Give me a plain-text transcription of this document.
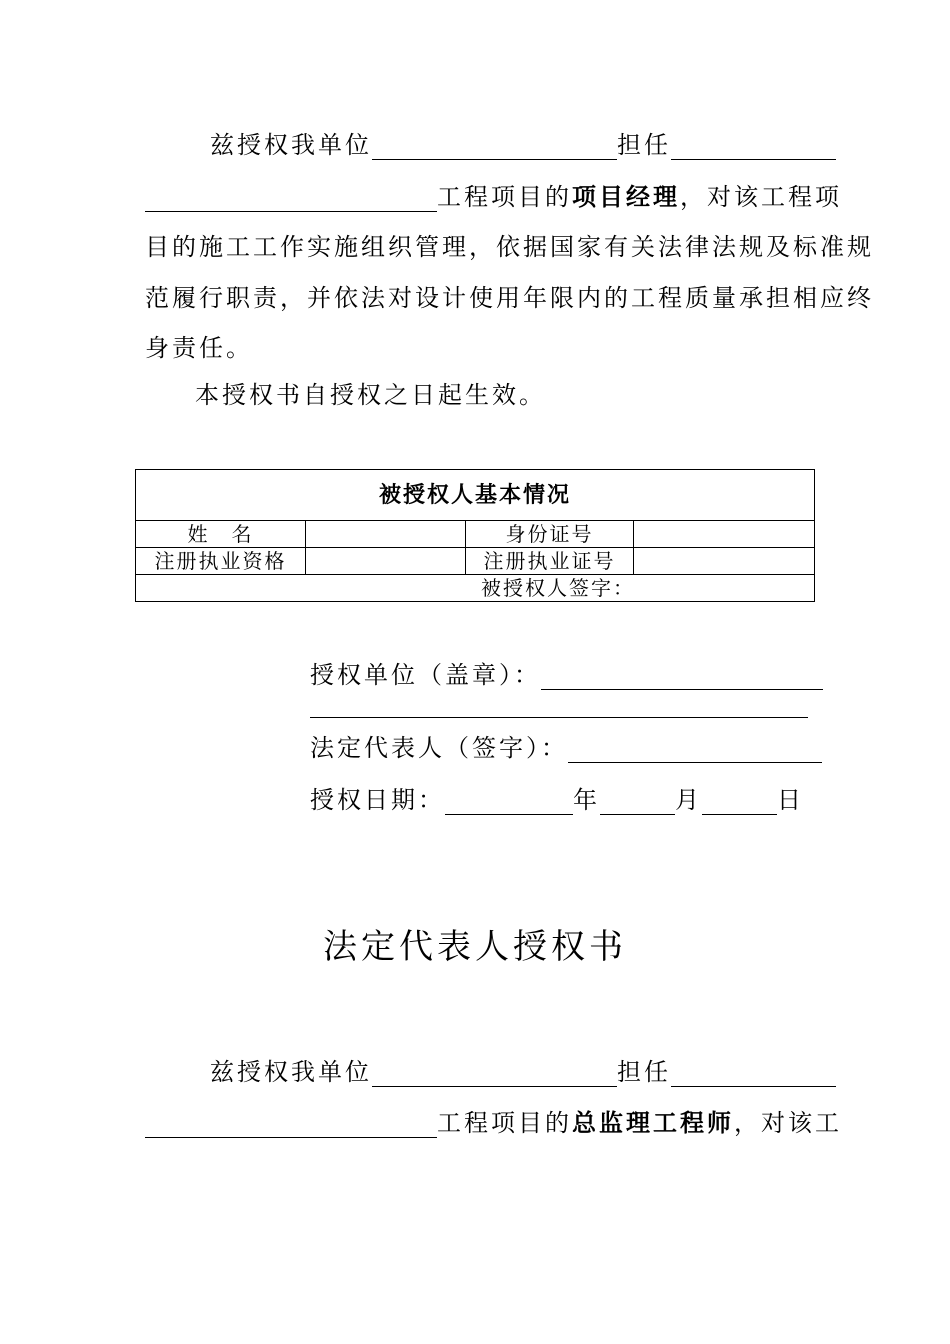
兹授权我单位	担任
工程项目的项目经理，对该工程项
目的施工工作实施组织管理，依据国家有关法律法规及标准规
范履行职责，并依法对设计使用年限内的工程质量承担相应终
身责任。
本授权书自授权之日起生效。
被授权人基本情况
姓　名	身份证号
注册执业资格	注册执业证号
被授权人签字：
授权单位（盖章）：
法定代表人（签字）：
授权日期：	年	月	日
法定代表人授权书
兹授权我单位	担任
工程项目的总监理工程师，对该工
